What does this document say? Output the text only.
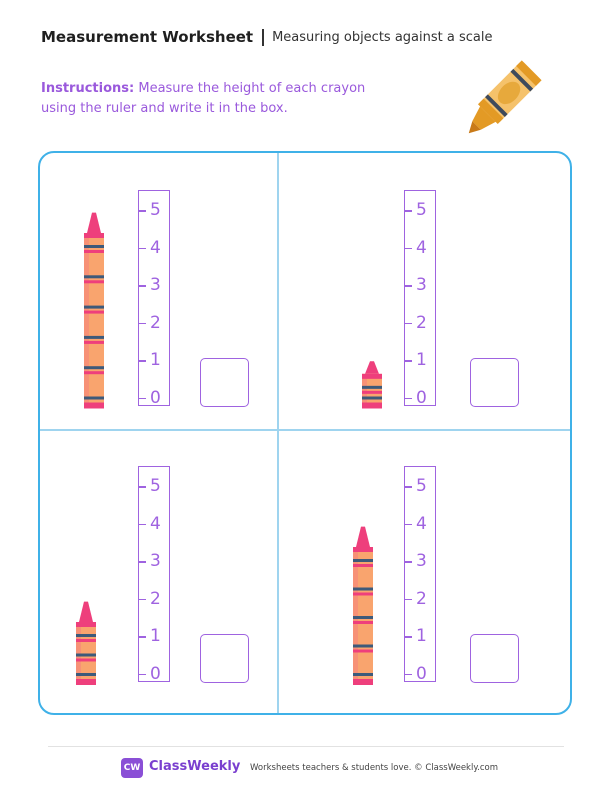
Measurement Worksheet Measuring objects against a scale
Instructions: Measure the height of each crayon using the ruler and write it in the box.
5
4
3
2
1
0
5
4
3
2
1
0
5
4
3
2
1
0
5
4
3
2
1
0
CW ClassWeekly Worksheets teachers & students love. © ClassWeekly.com
